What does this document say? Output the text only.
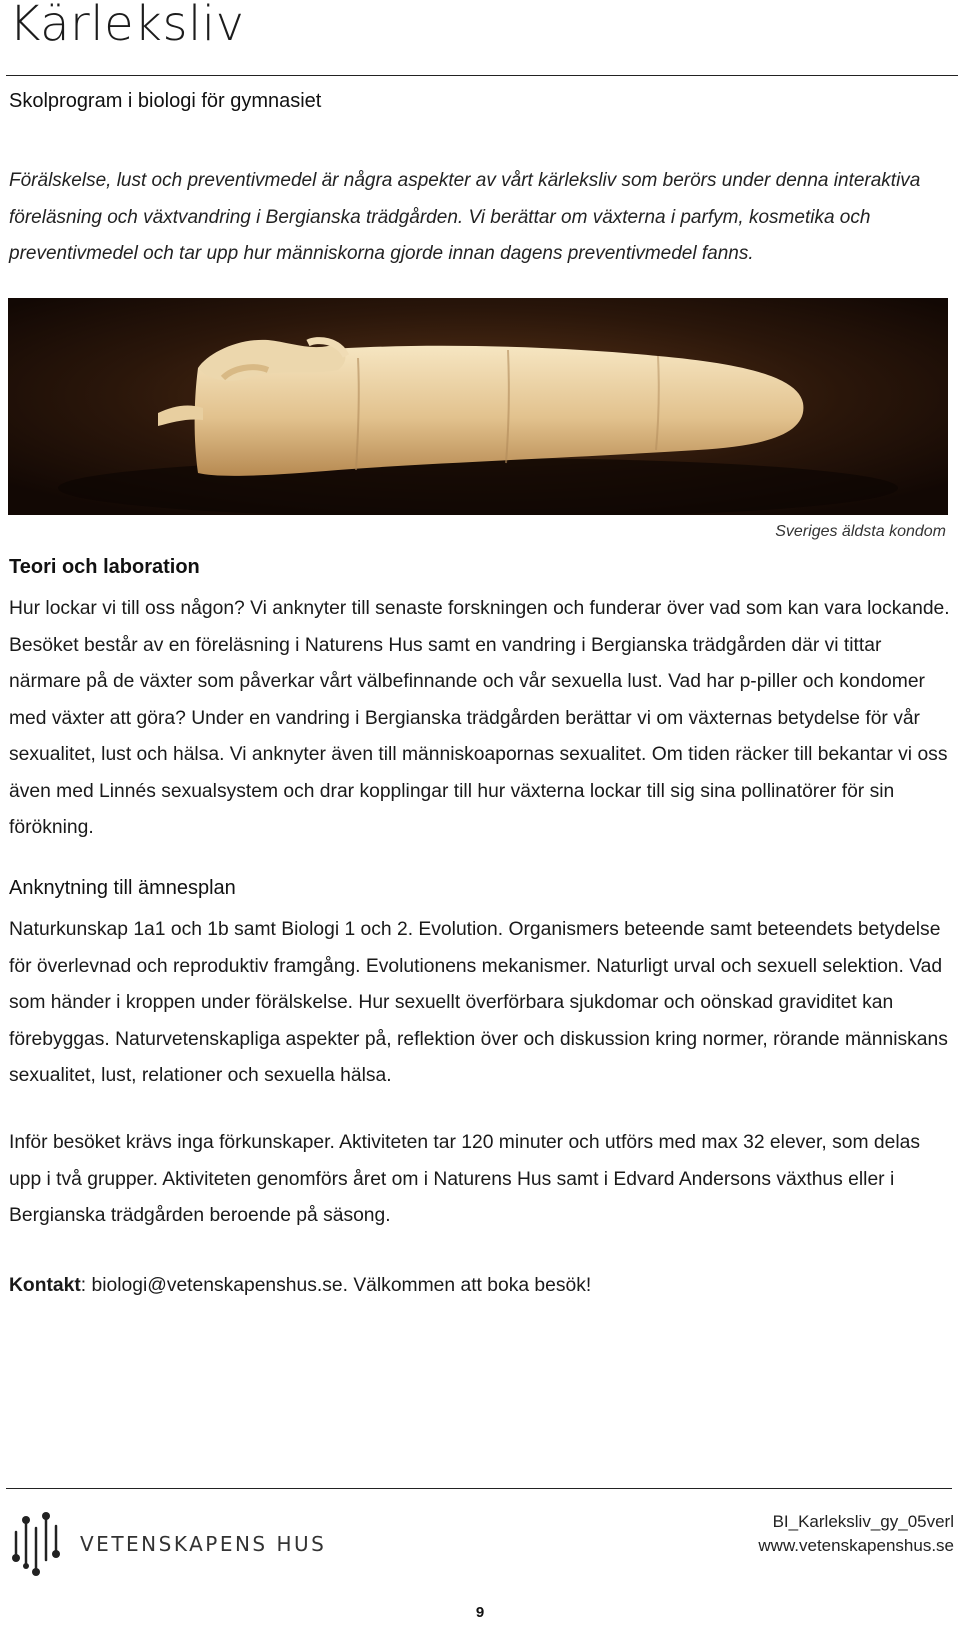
Kärleksliv
Skolprogram i biologi för gymnasiet

Förälskelse, lust och preventivmedel är några aspekter av vårt kärleksliv som berörs under denna interaktiva föreläsning och växtvandring i Bergianska trädgården. Vi berättar om växterna i parfym, kosmetika och preventivmedel och tar upp hur människorna gjorde innan dagens preventivmedel fanns.

Sveriges äldsta kondom
Teori och laboration

Hur lockar vi till oss någon? Vi anknyter till senaste forskningen och funderar över vad som kan vara lockande. Besöket består av en föreläsning i Naturens Hus samt en vandring i Bergianska trädgården där vi tittar närmare på de växter som påverkar vårt välbefinnande och vår sexuella lust. Vad har p-piller och kondomer med växter att göra? Under en vandring i Bergianska trädgården berättar vi om växternas betydelse för vår sexualitet, lust och hälsa. Vi anknyter även till människoapornas sexualitet. Om tiden räcker till bekantar vi oss även med Linnés sexualsystem och drar kopplingar till hur växterna lockar till sig sina pollinatörer för sin förökning.

Anknytning till ämnesplan

Naturkunskap 1a1 och 1b samt Biologi 1 och 2. Evolution. Organismers beteende samt beteendets betydelse för överlevnad och reproduktiv framgång. Evolutionens mekanismer. Naturligt urval och sexuell selektion. Vad som händer i kroppen under förälskelse. Hur sexuellt överförbara sjukdomar och oönskad graviditet kan förebyggas. Naturvetenskapliga aspekter på, reflektion över och diskussion kring normer, rörande människans sexualitet, lust, relationer och sexuella hälsa.

Inför besöket krävs inga förkunskaper. Aktiviteten tar 120 minuter och utförs med max 32 elever, som delas upp i två grupper. Aktiviteten genomförs året om i Naturens Hus samt i Edvard Andersons växthus eller i Bergianska trädgården beroende på säsong.

Kontakt: biologi@vetenskapenshus.se. Välkommen att boka besök!

VETENSKAPENS HUS
BI_Karleksliv_gy_05verl
www.vetenskapenshus.se
9
